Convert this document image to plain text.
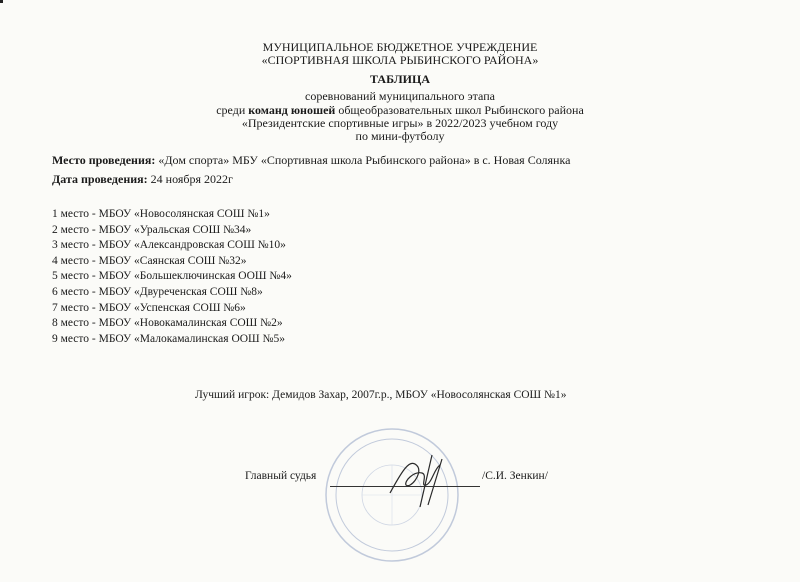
МУНИЦИПАЛЬНОЕ БЮДЖЕТНОЕ УЧРЕЖДЕНИЕ
«СПОРТИВНАЯ ШКОЛА РЫБИНСКОГО РАЙОНА»
ТАБЛИЦА
соревнований муниципального этапа
среди команд юношей общеобразовательных школ Рыбинского района
«Президентские спортивные игры» в 2022/2023 учебном году
по мини-футболу
Место проведения: «Дом спорта» МБУ «Спортивная школа Рыбинского района» в с. Новая Солянка
Дата проведения: 24 ноября 2022г
1 место - МБОУ «Новосолянская СОШ №1»
2 место - МБОУ «Уральская СОШ №34»
3 место - МБОУ «Александровская СОШ №10»
4 место - МБОУ «Саянская СОШ №32»
5 место - МБОУ «Большеключинская ООШ №4»
6 место - МБОУ «Двуреченская СОШ №8»
7 место - МБОУ «Успенская СОШ №6»
8 место - МБОУ «Новокамалинская СОШ №2»
9 место - МБОУ «Малокамалинская ООШ №5»
Лучший игрок: Демидов Захар, 2007г.р., МБОУ «Новосолянская СОШ №1»
Главный судья	/С.И. Зенкин/
